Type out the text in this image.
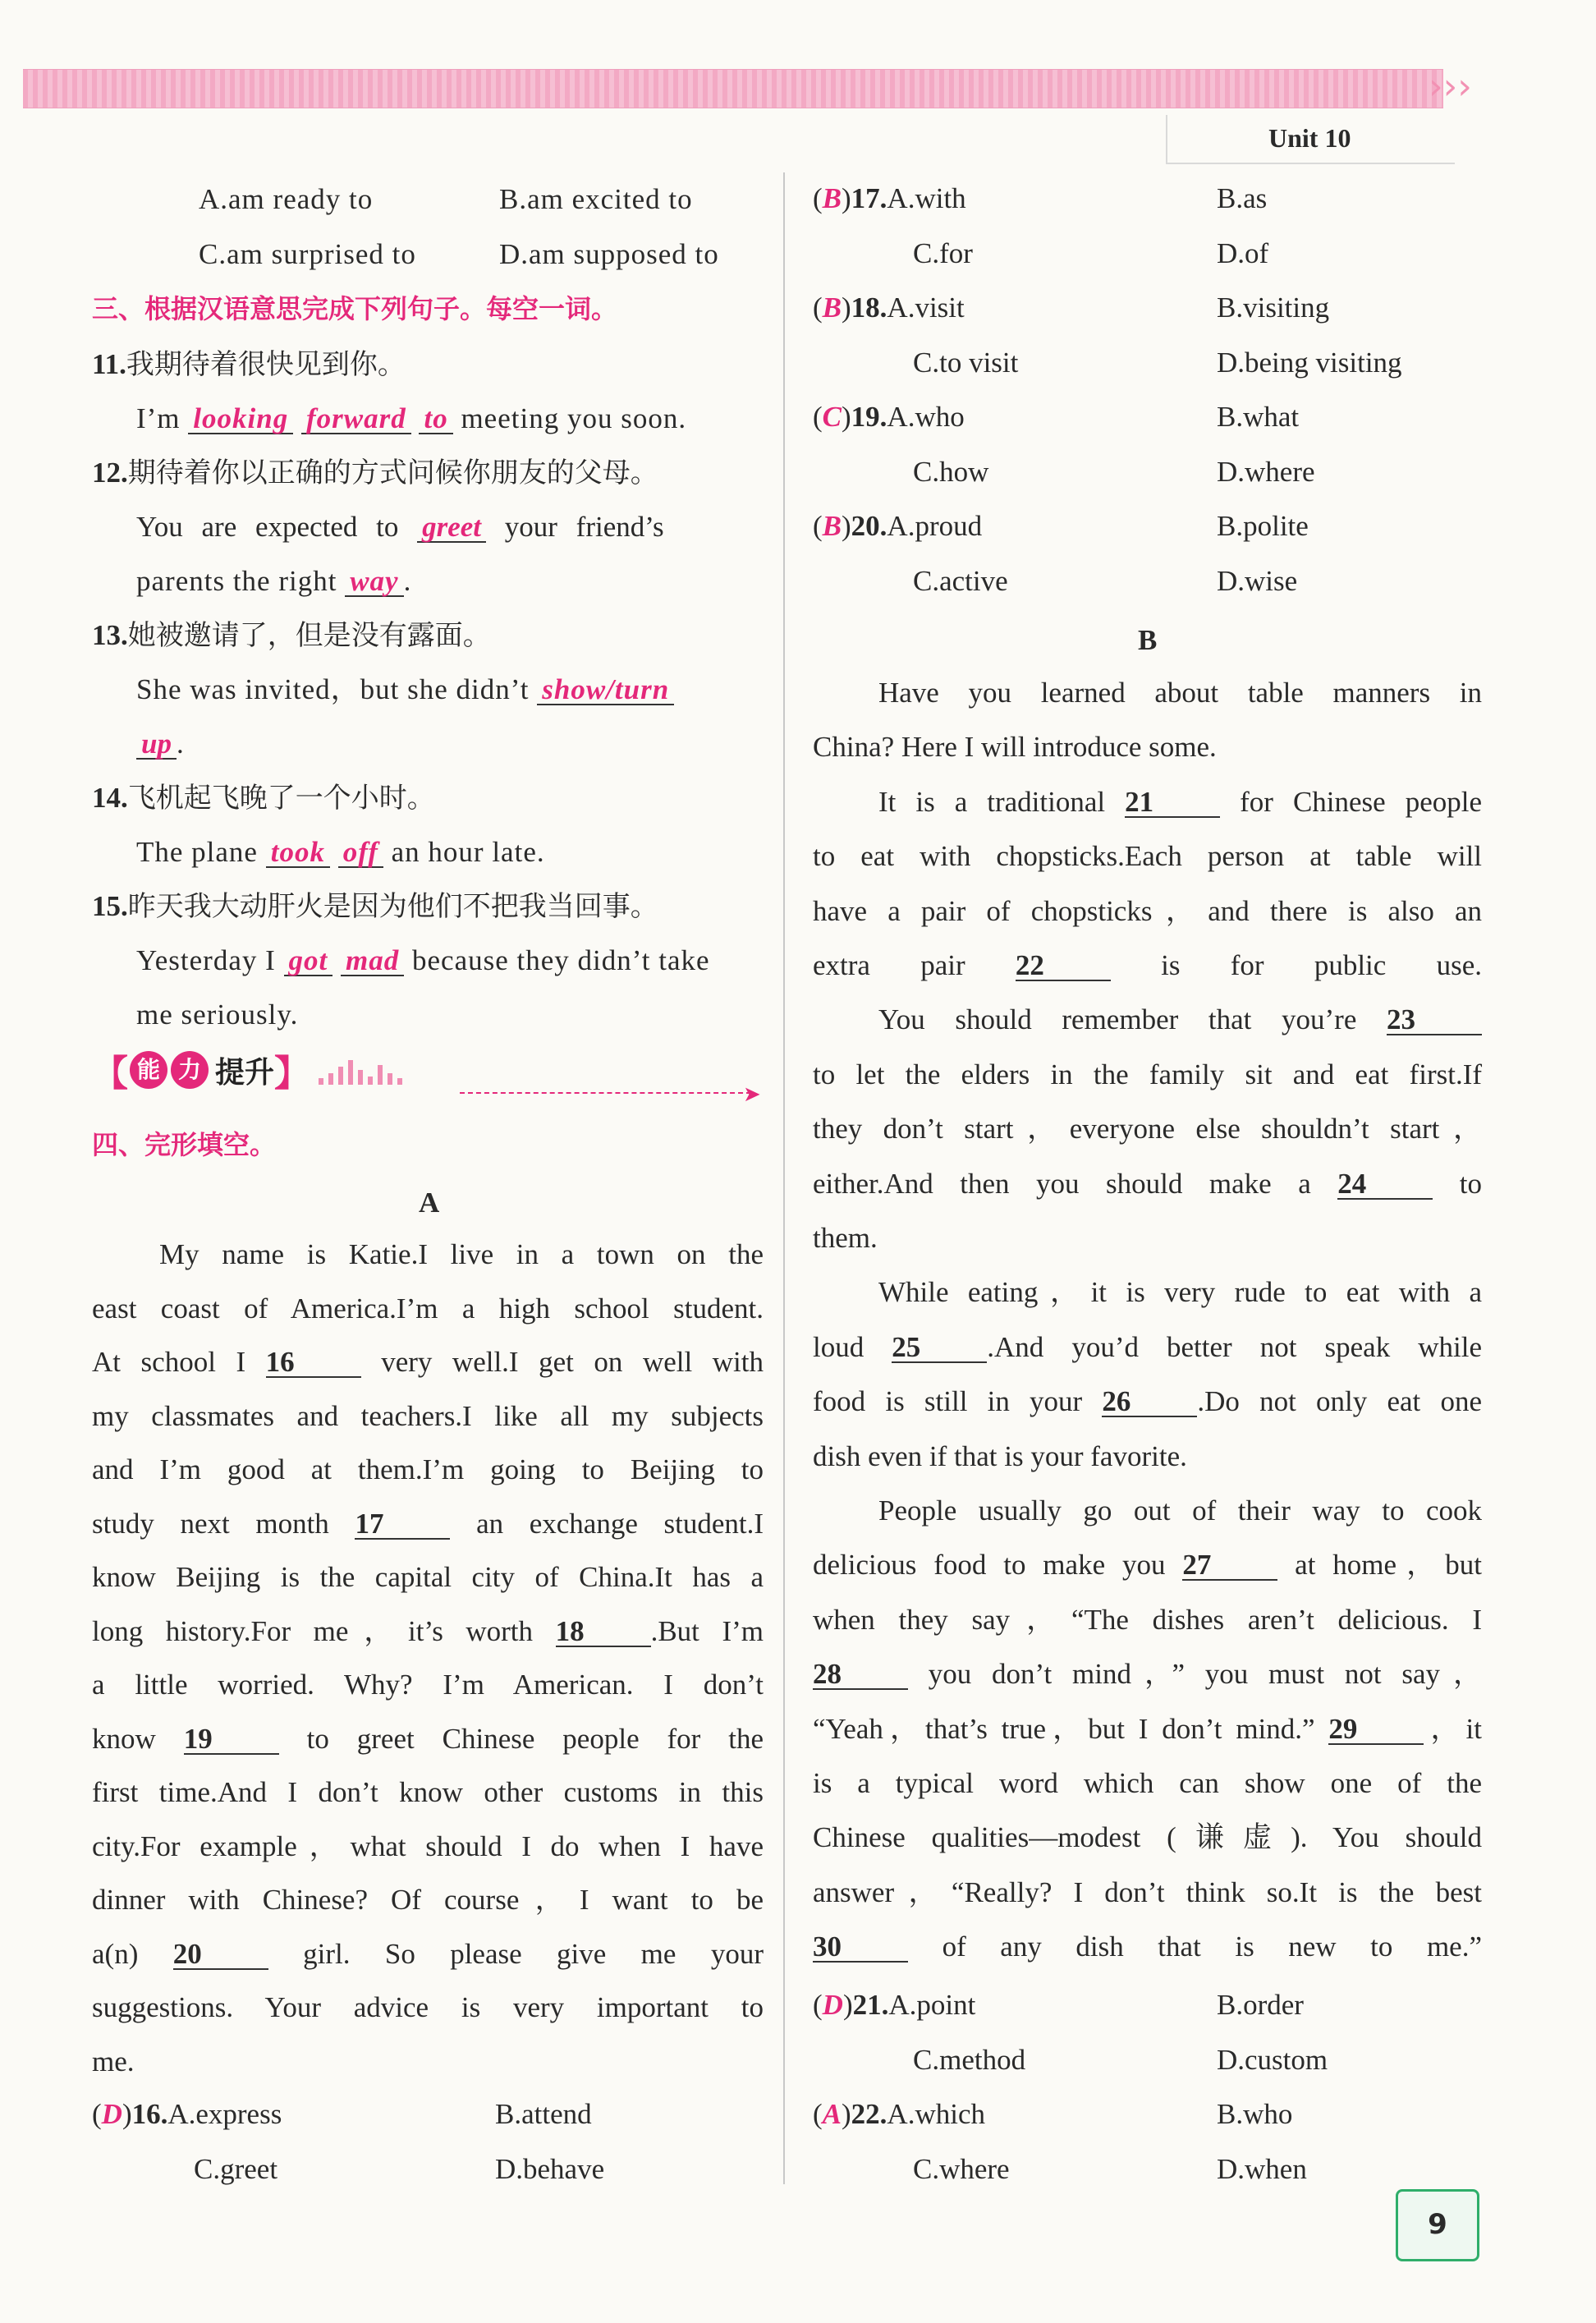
›››
Unit 10
A.am ready to	B.am excited to
C.am surprised to	D.am supposed to
三、根据汉语意思完成下列句子。每空一词。
11.我期待着很快见到你。
I’m looking forward to meeting you soon.
12.期待着你以正确的方式问候你朋友的父母。
You are expected to greet your friend’s
parents the right way .
13.她被邀请了，但是没有露面。
She was invited，but she didn’t show/turn
up .
14.飞机起飞晚了一个小时。
The plane took off an hour late.
15.昨天我大动肝火是因为他们不把我当回事。
Yesterday I got mad because they didn’t take
me seriously.
【 能 力 提升 】	➤
四、完形填空。
A
My name is Katie.I live in a town on the
east coast of America.I’m a high school student.
At school I 16 very well.I get on well with
my classmates and teachers.I like all my subjects
and I’m good at them.I’m going to Beijing to
study next month 17 an exchange student.I
know Beijing is the capital city of China.It has a
long history.For me，it’s worth 18 .But I’m
a little worried. Why? I’m American. I don’t
know 19 to greet Chinese people for the
first time.And I don’t know other customs in this
city.For example，what should I do when I have
dinner with Chinese? Of course，I want to be
a(n) 20 girl. So please give me your
suggestions. Your advice is very important to
me.
(D)16.A.express	B.attend
C.greet	D.behave
(B)17.A.with	B.as
C.for	D.of
(B)18.A.visit	B.visiting
C.to visit	D.being visiting
(C)19.A.who	B.what
C.how	D.where
(B)20.A.proud	B.polite
C.active	D.wise
B
Have you learned about table manners in
China? Here I will introduce some.
It is a traditional 21 for Chinese people
to eat with chopsticks.Each person at table will
have a pair of chopsticks，and there is also an
extra pair 22 is for public use.
You should remember that you’re 23
to let the elders in the family sit and eat first.If
they don’t start，everyone else shouldn’t start，
either.And then you should make a 24 to
them.
While eating，it is very rude to eat with a
loud 25 .And you’d better not speak while
food is still in your 26 .Do not only eat one
dish even if that is your favorite.
People usually go out of their way to cook
delicious food to make you 27 at home，but
when they say，“The dishes aren’t delicious. I
28 you don’t mind，” you must not say，
“Yeah，that’s true，but I don’t mind.” 29 ，it
is a typical word which can show one of the
Chinese qualities—modest (谦虚). You should
answer，“Really? I don’t think so.It is the best
30 of any dish that is new to me.”
(D)21.A.point	B.order
C.method	D.custom
(A)22.A.which	B.who
C.where	D.when
9
